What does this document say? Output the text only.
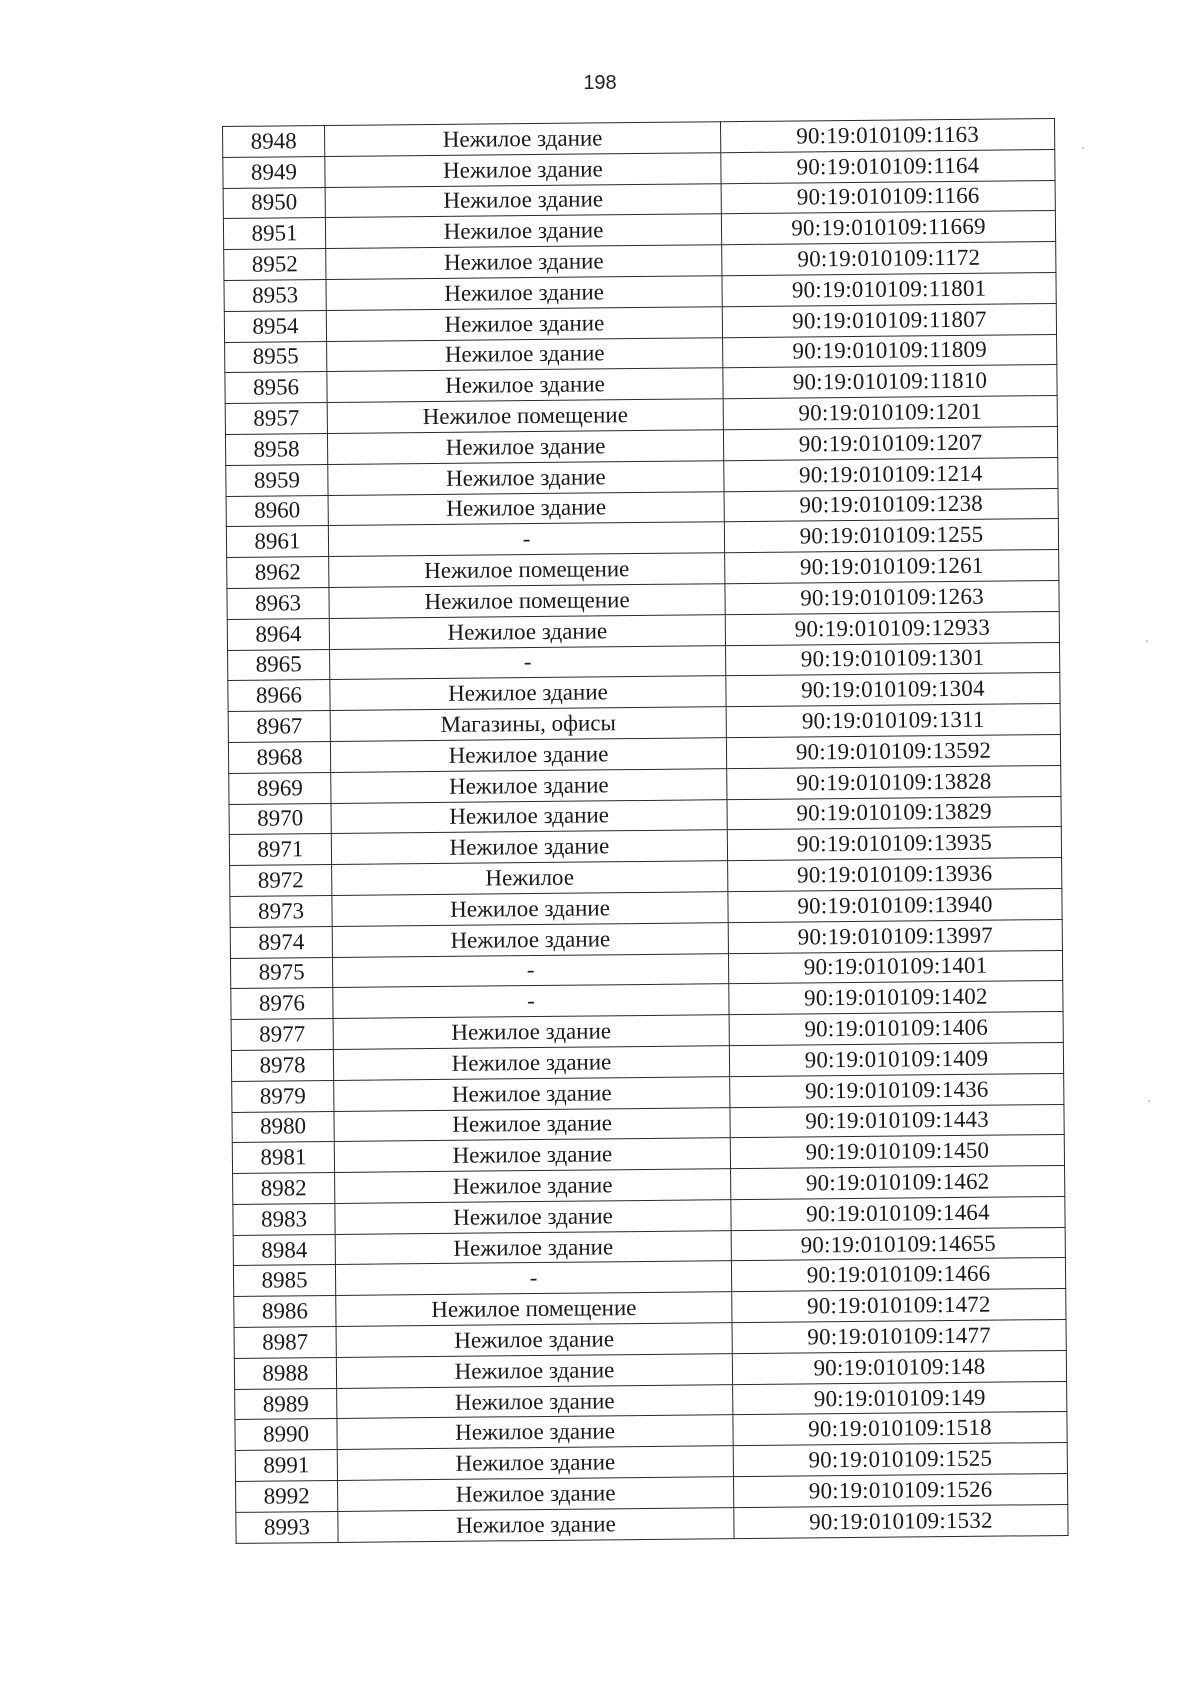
198
8948	Нежилое здание	90:19:010109:1163
8949	Нежилое здание	90:19:010109:1164
8950	Нежилое здание	90:19:010109:1166
8951	Нежилое здание	90:19:010109:11669
8952	Нежилое здание	90:19:010109:1172
8953	Нежилое здание	90:19:010109:11801
8954	Нежилое здание	90:19:010109:11807
8955	Нежилое здание	90:19:010109:11809
8956	Нежилое здание	90:19:010109:11810
8957	Нежилое помещение	90:19:010109:1201
8958	Нежилое здание	90:19:010109:1207
8959	Нежилое здание	90:19:010109:1214
8960	Нежилое здание	90:19:010109:1238
8961	-	90:19:010109:1255
8962	Нежилое помещение	90:19:010109:1261
8963	Нежилое помещение	90:19:010109:1263
8964	Нежилое здание	90:19:010109:12933
8965	-	90:19:010109:1301
8966	Нежилое здание	90:19:010109:1304
8967	Магазины, офисы	90:19:010109:1311
8968	Нежилое здание	90:19:010109:13592
8969	Нежилое здание	90:19:010109:13828
8970	Нежилое здание	90:19:010109:13829
8971	Нежилое здание	90:19:010109:13935
8972	Нежилое	90:19:010109:13936
8973	Нежилое здание	90:19:010109:13940
8974	Нежилое здание	90:19:010109:13997
8975	-	90:19:010109:1401
8976	-	90:19:010109:1402
8977	Нежилое здание	90:19:010109:1406
8978	Нежилое здание	90:19:010109:1409
8979	Нежилое здание	90:19:010109:1436
8980	Нежилое здание	90:19:010109:1443
8981	Нежилое здание	90:19:010109:1450
8982	Нежилое здание	90:19:010109:1462
8983	Нежилое здание	90:19:010109:1464
8984	Нежилое здание	90:19:010109:14655
8985	-	90:19:010109:1466
8986	Нежилое помещение	90:19:010109:1472
8987	Нежилое здание	90:19:010109:1477
8988	Нежилое здание	90:19:010109:148
8989	Нежилое здание	90:19:010109:149
8990	Нежилое здание	90:19:010109:1518
8991	Нежилое здание	90:19:010109:1525
8992	Нежилое здание	90:19:010109:1526
8993	Нежилое здание	90:19:010109:1532
